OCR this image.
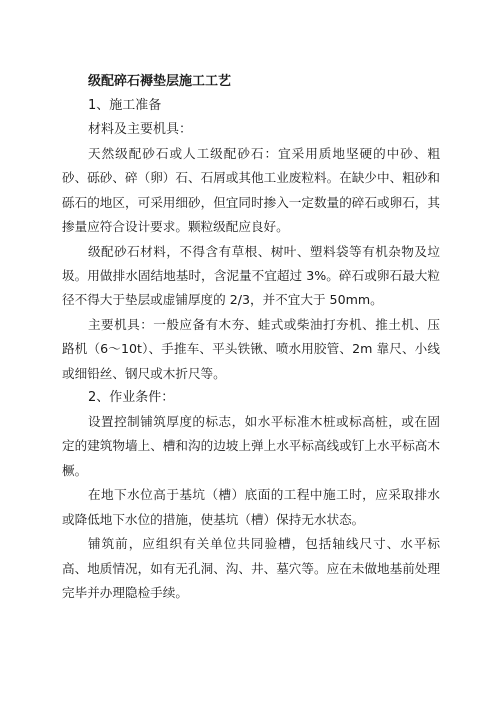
级配碎石褥垫层施工工艺

1、施工准备

材料及主要机具：

天然级配砂石或人工级配砂石：宜采用质地坚硬的中砂、粗砂、砾砂、碎（卵）石、石屑或其他工业废粒料。在缺少中、粗砂和砾石的地区，可采用细砂，但宜同时掺入一定数量的碎石或卵石，其掺量应符合设计要求。颗粒级配应良好。

级配砂石材料，不得含有草根、树叶、塑料袋等有机杂物及垃圾。用做排水固结地基时，含泥量不宜超过 3%。碎石或卵石最大粒径不得大于垫层或虚铺厚度的 2/3，并不宜大于 50mm。

主要机具：一般应备有木夯、蛙式或柴油打夯机、推土机、压路机（6～10t）、手推车、平头铁锹、喷水用胶管、2m 靠尺、小线或细铅丝、钢尺或木折尺等。

2、作业条件：

设置控制铺筑厚度的标志，如水平标准木桩或标高桩，或在固定的建筑物墙上、槽和沟的边坡上弹上水平标高线或钉上水平标高木橛。

在地下水位高于基坑（槽）底面的工程中施工时，应采取排水或降低地下水位的措施，使基坑（槽）保持无水状态。

铺筑前，应组织有关单位共同验槽，包括轴线尺寸、水平标高、地质情况，如有无孔洞、沟、井、墓穴等。应在未做地基前处理完毕并办理隐检手续。
